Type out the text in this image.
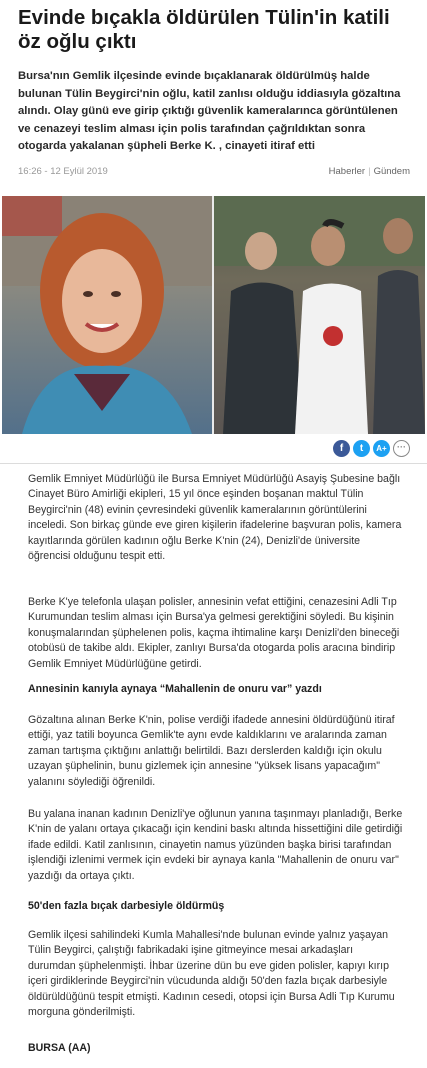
Evinde bıçakla öldürülen Tülin'in katili öz oğlu çıktı

Bursa'nın Gemlik ilçesinde evinde bıçaklanarak öldürülmüş halde bulunan Tülin Beygirci'nin oğlu, katil zanlısı olduğu iddiasıyla gözaltına alındı. Olay günü eve girip çıktığı güvenlik kameralarınca görüntülenen ve cenazeyi teslim alması için polis tarafından çağrıldıktan sonra otogarda yakalanan şüpheli Berke K. , cinayeti itiraf etti

16:26 - 12 Eylül 2019	Haberler | Gündem
f	t	A+	···

Gemlik Emniyet Müdürlüğü ile Bursa Emniyet Müdürlüğü Asayiş Şubesine bağlı Cinayet Büro Amirliği ekipleri, 15 yıl önce eşinden boşanan maktul Tülin Beygirci'nin (48) evinin çevresindeki güvenlik kameralarının görüntülerini inceledi. Son birkaç günde eve giren kişilerin ifadelerine başvuran polis, kamera kayıtlarında görülen kadının oğlu Berke K'nin (24), Denizli'de üniversite öğrencisi olduğunu tespit etti.

Berke K'ye telefonla ulaşan polisler, annesinin vefat ettiğini, cenazesini Adli Tıp Kurumundan teslim alması için Bursa'ya gelmesi gerektiğini söyledi. Bu kişinin konuşmalarından şüphelenen polis, kaçma ihtimaline karşı Denizli'den bineceği otobüsü de takibe aldı. Ekipler, zanlıyı Bursa'da otogarda polis aracına bindirip Gemlik Emniyet Müdürlüğüne getirdi.

Annesinin kanıyla aynaya “Mahallenin de onuru var” yazdı

Gözaltına alınan Berke K'nin, polise verdiği ifadede annesini öldürdüğünü itiraf ettiği, yaz tatili boyunca Gemlik'te aynı evde kaldıklarını ve aralarında zaman zaman tartışma çıktığını anlattığı belirtildi. Bazı derslerden kaldığı için okulu uzayan şüphelinin, bunu gizlemek için annesine "yüksek lisans yapacağım" yalanını söylediği öğrenildi.

Bu yalana inanan kadının Denizli'ye oğlunun yanına taşınmayı planladığı, Berke K'nin de yalanı ortaya çıkacağı için kendini baskı altında hissettiğini dile getirdiği ifade edildi. Katil zanlısının, cinayetin namus yüzünden başka birisi tarafından işlendiği izlenimi vermek için evdeki bir aynaya kanla "Mahallenin de onuru var" yazdığı da ortaya çıktı.

50'den fazla bıçak darbesiyle öldürmüş

Gemlik ilçesi sahilindeki Kumla Mahallesi'nde bulunan evinde yalnız yaşayan Tülin Beygirci, çalıştığı fabrikadaki işine gitmeyince mesai arkadaşları durumdan şüphelenmişti. İhbar üzerine dün bu eve giden polisler, kapıyı kırıp içeri girdiklerinde Beygirci'nin vücudunda aldığı 50'den fazla bıçak darbesiyle öldürüldüğünü tespit etmişti. Kadının cesedi, otopsi için Bursa Adli Tıp Kurumu morguna gönderilmişti.

BURSA (AA)
